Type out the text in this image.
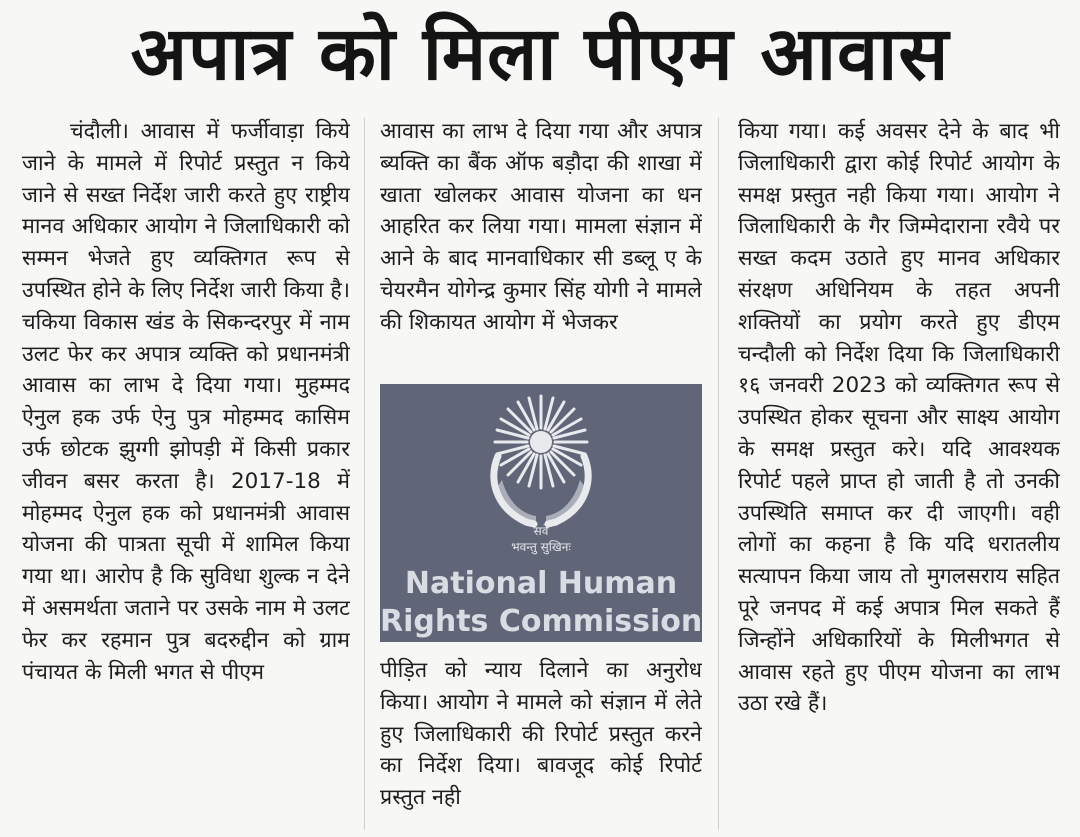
अपात्र को मिला पीएम आवास

चंदौली। आवास में फर्जीवाड़ा किये जाने के मामले में रिपोर्ट प्रस्तुत न किये जाने से सख्त निर्देश जारी करते हुए राष्ट्रीय मानव अधिकार आयोग ने जिलाधिकारी को सम्मन भेजते हुए व्यक्तिगत रूप से उपस्थित होने के लिए निर्देश जारी किया है। चकिया विकास खंड के सिकन्दरपुर में नाम उलट फेर कर अपात्र व्यक्ति को प्रधानमंत्री आवास का लाभ दे दिया गया। मुहम्मद ऐनुल हक उर्फ ऐनु पुत्र मोहम्मद कासिम उर्फ छोटक झुग्गी झोपड़ी में किसी प्रकार जीवन बसर करता है। 2017-18 में मोहम्मद ऐनुल हक को प्रधानमंत्री आवास योजना की पात्रता सूची में शामिल किया गया था। आरोप है कि सुविधा शुल्क न देने में असमर्थता जताने पर उसके नाम मे उलट फेर कर रहमान पुत्र बदरुद्दीन को ग्राम पंचायत के मिली भगत से पीएम

आवास का लाभ दे दिया गया और अपात्र ब्यक्ति का बैंक ऑफ बड़ौदा की शाखा में खाता खोलकर आवास योजना का धन आहरित कर लिया गया। मामला संज्ञान में आने के बाद मानवाधिकार सी डब्लू ए के चेयरमैन योगेन्द्र कुमार सिंह योगी ने मामले की शिकायत आयोग में भेजकर

सर्वे
भवन्तु सुखिनः
National Human
Rights Commission

पीड़ित को न्याय दिलाने का अनुरोध किया। आयोग ने मामले को संज्ञान में लेते हुए जिलाधिकारी की रिपोर्ट प्रस्तुत करने का निर्देश दिया। बावजूद कोई रिपोर्ट प्रस्तुत नही

किया गया। कई अवसर देने के बाद भी जिलाधिकारी द्वारा कोई रिपोर्ट आयोग के समक्ष प्रस्तुत नही किया गया। आयोग ने जिलाधिकारी के गैर जिम्मेदाराना रवैये पर सख्त कदम उठाते हुए मानव अधिकार संरक्षण अधिनियम के तहत अपनी शक्तियों का प्रयोग करते हुए डीएम चन्दौली को निर्देश दिया कि जिलाधिकारी १६ जनवरी 2023 को व्यक्तिगत रूप से उपस्थित होकर सूचना और साक्ष्य आयोग के समक्ष प्रस्तुत करे। यदि आवश्यक रिपोर्ट पहले प्राप्त हो जाती है तो उनकी उपस्थिति समाप्त कर दी जाएगी। वही लोगों का कहना है कि यदि धरातलीय सत्यापन किया जाय तो मुगलसराय सहित पूरे जनपद में कई अपात्र मिल सकते हैं जिन्होंने अधिकारियों के मिलीभगत से आवास रहते हुए पीएम योजना का लाभ उठा रखे हैं।
